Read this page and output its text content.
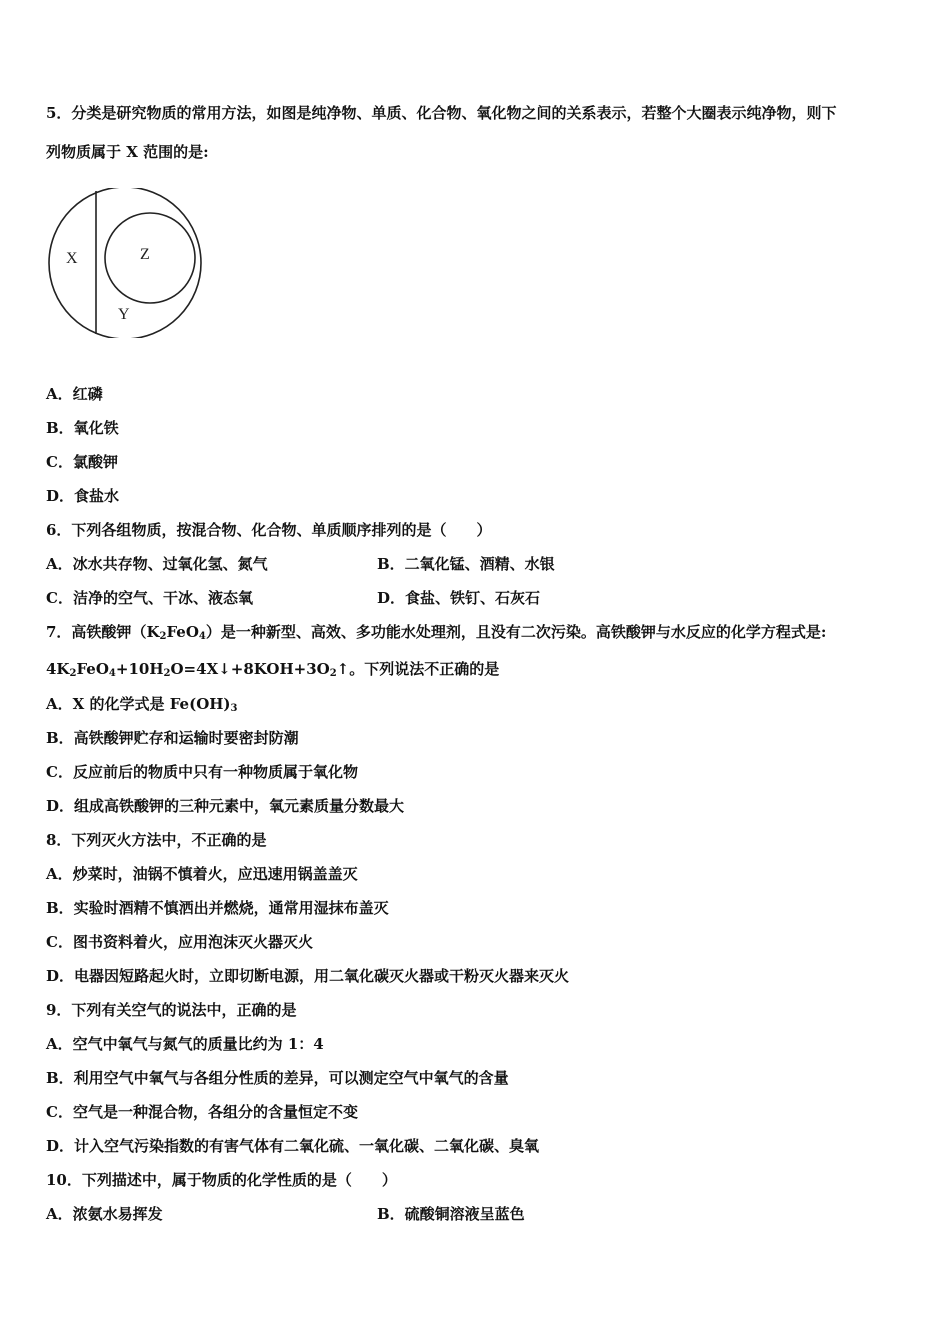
5．分类是研究物质的常用方法，如图是纯净物、单质、化合物、氧化物之间的关系表示，若整个大圈表示纯净物，则下
列物质属于 X 范围的是:
X	Z
Y
A．红磷
B．氧化铁
C．氯酸钾
D．食盐水
6．下列各组物质，按混合物、化合物、单质顺序排列的是（　　）
A．冰水共存物、过氧化氢、氮气	B．二氧化锰、酒精、水银
C．洁净的空气、干冰、液态氧	D．食盐、铁钉、石灰石
7．高铁酸钾$(K_2FeO_4)$是一种新型、高效、多功能水处理剂，且没有二次污染。高铁酸钾与水反应的化学方程式是:
$4K_2FeO_4+10H_2O=4X↓+8KOH+3O_2↑$。下列说法不正确的是
A．X 的化学式是 $Fe(OH)_3$
B．高铁酸钾贮存和运输时要密封防潮
C．反应前后的物质中只有一种物质属于氧化物
D．组成高铁酸钾的三种元素中，氧元素质量分数最大
8．下列灭火方法中，不正确的是
A．炒菜时，油锅不慎着火，应迅速用锅盖盖灭
B．实验时酒精不慎洒出并燃烧，通常用湿抹布盖灭
C．图书资料着火，应用泡沫灭火器灭火
D．电器因短路起火时，立即切断电源，用二氧化碳灭火器或干粉灭火器来灭火
9．下列有关空气的说法中，正确的是
A．空气中氧气与氮气的质量比约为 1：4
B．利用空气中氧气与各组分性质的差异，可以测定空气中氧气的含量
C．空气是一种混合物，各组分的含量恒定不变
D．计入空气污染指数的有害气体有二氧化硫、一氧化碳、二氧化碳、臭氧
10．下列描述中，属于物质的化学性质的是（　　）
A．浓氨水易挥发	B．硫酸铜溶液呈蓝色
